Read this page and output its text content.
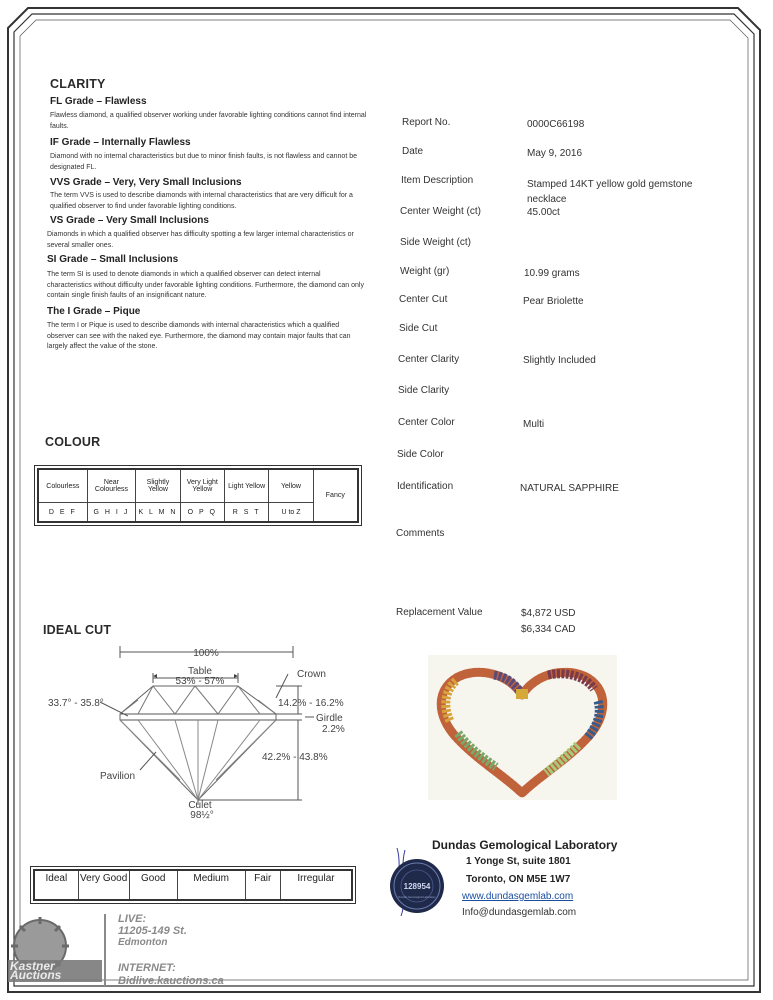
CLARITY
FL Grade – Flawless
Flawless diamond, a qualified observer working under favorable lighting conditions cannot find internal faults.
IF Grade – Internally Flawless
Diamond with no internal characteristics but due to minor finish faults, is not flawless and cannot be designated FL.
VVS Grade – Very, Very Small Inclusions
The term VVS is used to describe diamonds with internal characteristics that are very difficult for a qualified observer to find under favorable lighting conditions.
VS Grade – Very Small Inclusions
Diamonds in which a qualified observer has difficulty spotting a few larger internal characteristics or several smaller ones.
SI Grade – Small Inclusions
The term SI is used to denote diamonds in which a qualified observer can detect internal characteristics without difficulty under favorable lighting conditions. Furthermore, the diamond can only contain single finish faults of an insignificant nature.
The I Grade – Pique
The term I or Pique is used to describe diamonds with internal characteristics which a qualified observer can see with the naked eye. Furthermore, the diamond may contain major faults that can largely affect the value of the stone.
COLOUR
Colourless	Near Colourless	Slightly Yellow	Very Light Yellow	Light Yellow	Yellow	Fancy
D E F	G H I J	K L M N	O P Q	R S T	U to Z	
IDEAL CUT
100%
Table
53% - 57%
Crown
33.7° - 35.8°	14.2% - 16.2%
Girdle
2.2%
42.2% - 43.8%
Pavilion
Culet
98½°
Ideal	Very Good	Good	Medium	Fair	Irregular
Report No.	0000C66198
Date	May 9, 2016
Item Description	Stamped 14KT yellow gold gemstone necklace
Center Weight (ct)	45.00ct
Side Weight (ct)
Weight (gr)	10.99 grams
Center Cut	Pear Briolette
Side Cut
Center Clarity	Slightly Included
Side Clarity
Center Color	Multi
Side Color
Identification	NATURAL SAPPHIRE
Comments
Replacement Value	$4,872 USD
$6,334 CAD
128954
Dundas Gemological Laboratory
Dundas Gemological Laboratory
1 Yonge St, suite 1801
Toronto, ON M5E 1W7
www.dundasgemlab.com
Info@dundasgemlab.com
Kastner Auctions
LIVE:
11205-149 St.
Edmonton
INTERNET:
Bidlive.kauctions.ca
